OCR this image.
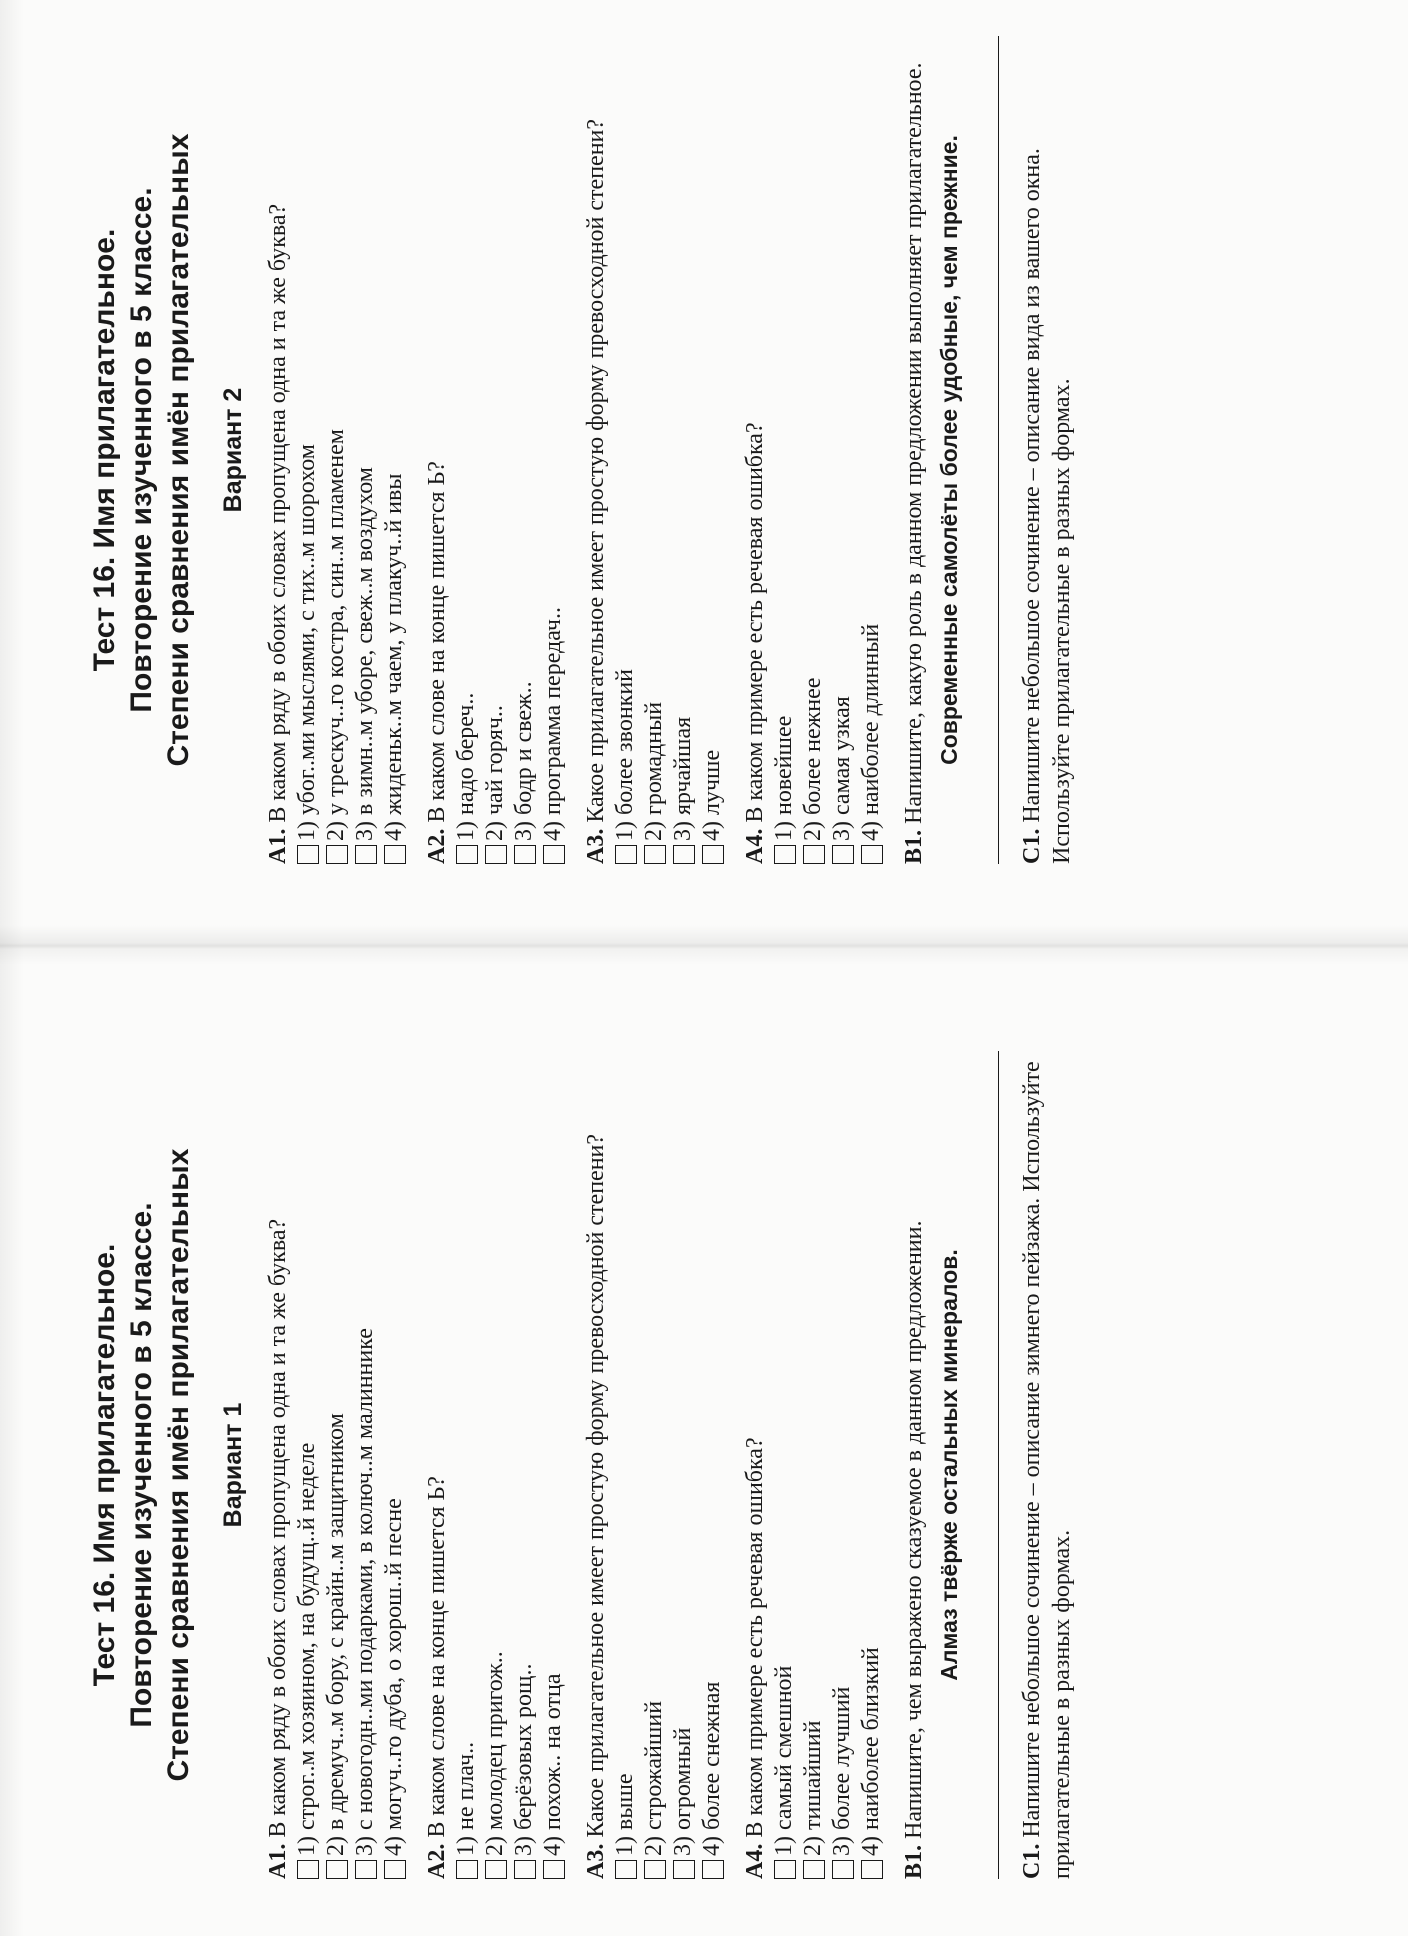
Тест 16. Имя прилагательное. Повторение изученного в 5 классе. Степени сравнения имён прилагательных Вариант 1

А1. В каком ряду в обоих словах пропущена одна и та же буква? 1) строг..м хозяином, на будущ..й неделе 2) в дремуч..м бору, с крайн..м защитником 3) с новогодн..ми подарками, в колюч..м малиннике 4) могуч..го дуба, о хорош..й песне

А2. В каком слове на конце пишется Ь? 1) не плач.. 2) молодец пригож.. 3) берёзовых рощ.. 4) похож.. на отца

А3. Какое прилагательное имеет простую форму превосходной степени? 1) выше 2) строжайший 3) огромный 4) более снежная

А4. В каком примере есть речевая ошибка? 1) самый смешной 2) тишайший 3) более лучший 4) наиболее близкий

В1. Напишите, чем выражено сказуемое в данном предложении. Алмаз твёрже остальных минералов.

С1. Напишите небольшое сочинение – описание зимнего пейзажа. Используйте прилагательные в разных формах.

Тест 16. Имя прилагательное. Повторение изученного в 5 классе. Степени сравнения имён прилагательных Вариант 2

А1. В каком ряду в обоих словах пропущена одна и та же буква? 1) убог..ми мыслями, с тих..м шорохом 2) у трескуч..го костра, син..м пламенем 3) в зимн..м уборе, свеж..м воздухом 4) жиденьк..м чаем, у плакуч..й ивы

А2. В каком слове на конце пишется Ь? 1) надо береч.. 2) чай горяч.. 3) бодр и свеж.. 4) программа передач..

А3. Какое прилагательное имеет простую форму превосходной степени? 1) более звонкий 2) громадный 3) ярчайшая 4) лучше

А4. В каком примере есть речевая ошибка? 1) новейшее 2) более нежнее 3) самая узкая 4) наиболее длинный

В1. Напишите, какую роль в данном предложении выполняет прилагательное. Современные самолёты более удобные, чем прежние.

С1. Напишите небольшое сочинение – описание вида из вашего окна. Используйте прилагательные в разных формах.
